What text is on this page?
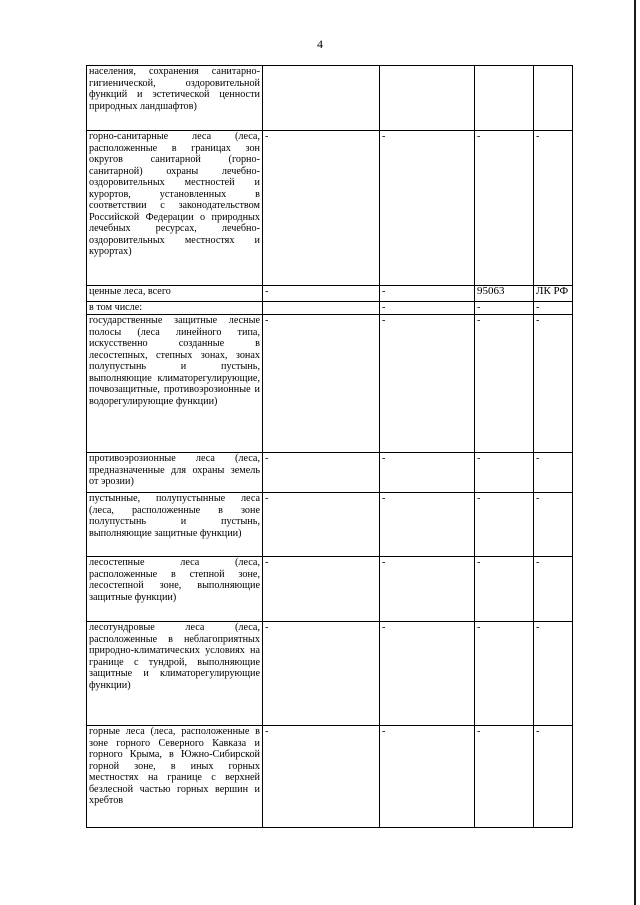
4
населения, сохранения санитарно-гигиенической, оздоровительной функций и эстетической ценности природных ландшафтов)				
горно-санитарные леса (леса, расположенные в границах зон округов санитарной (горно-санитарной) охраны лечебно-оздоровительных местностей и курортов, установленных в соответствии с законодательством Российской Федерации о природных лечебных ресурсах, лечебно-оздоровительных местностях и курортах)	-	-	-	-
ценные леса, всего	-	-	95063	ЛК РФ
в том числе:		-	-	-
государственные защитные лесные полосы (леса линейного типа, искусственно созданные в лесостепных, степных зонах, зонах полупустынь и пустынь, выполняющие климаторегулирующие, почвозащитные, противоэрозионные и водорегулирующие функции)	-	-	-	-
противоэрозионные леса (леса, предназначенные для охраны земель от эрозии)	-	-	-	-
пустынные, полупустынные леса (леса, расположенные в зоне полупустынь и пустынь, выполняющие защитные функции)	-	-	-	-
лесостепные леса (леса, расположенные в степной зоне, лесостепной зоне, выполняющие защитные функции)	-	-	-	-
лесотундровые леса (леса, расположенные в неблагоприятных природно-климатических условиях на границе с тундрой, выполняющие защитные и климаторегулирующие функции)	-	-	-	-
горные леса (леса, расположенные в зоне горного Северного Кавказа и горного Крыма, в Южно-Сибирской горной зоне, в иных горных местностях на границе с верхней безлесной частью горных вершин и хребтов	-	-	-	-
